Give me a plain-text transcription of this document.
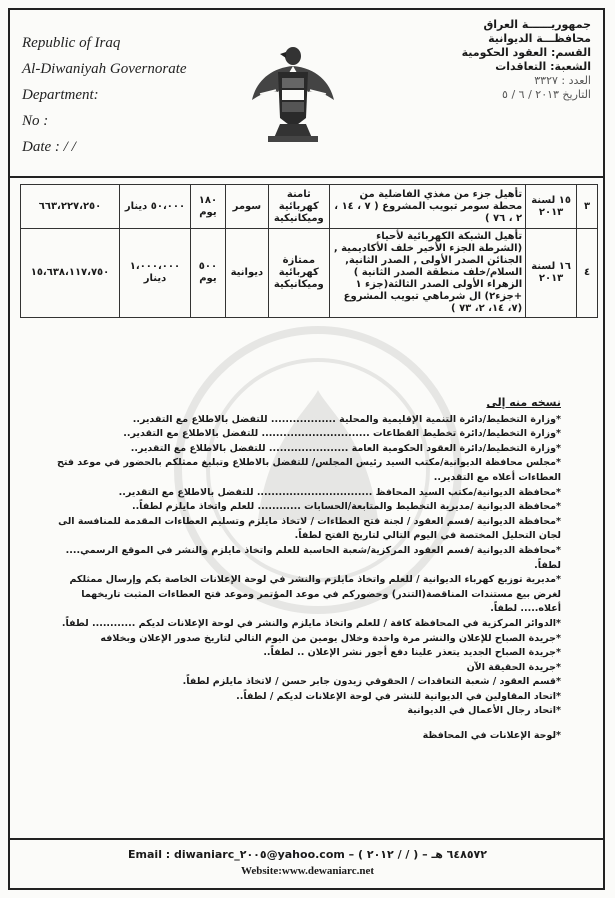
Republic of Iraq
Al-Diwaniyah Governorate
Department:
No :
Date : / /
جمهوريــــــة العراق
محافظـــة الديوانية
القسم: العقود الحكومية
الشعبة: التعاقدات
العدد : ٣٣٢٧
التاريخ ٢٠١٣ / ٦ / ٥
٣	١٥ لسنة ٢٠١٣	تأهيل جزء من مغذي الفاضلية من محطة سومر تبويب المشروع ( ٧ ، ١٤ ، ٢ ، ٧٦ )	ثامنة كهربائية وميكانيكية	سومر	١٨٠ يوم	٥٠،٠٠٠ دينار	٦٦٣،٢٢٧،٢٥٠
٤	١٦ لسنة ٢٠١٣	تأهيل الشبكة الكهربائية لأحياء (الشرطة الجزء الأخير خلف الأكاديمية , الجنائن الصدر الأولى , الصدر الثانية, السلام/خلف منطقة الصدر الثانية ) الزهراء الأولى الصدر الثالثة(جزء ١ +جزء٢) ال شرماهي تبويب المشروع (٧، ١٤، ٢، ٧٣ )	ممتازة كهربائية وميكانيكية	ديوانية	٥٠٠ يوم	١،٠٠٠،٠٠٠ دينار	١٥،٦٣٨،١١٧،٧٥٠
نسخه منه إلى
*وزارة التخطيط/دائرة التنمية الإقليمية والمحلية .................. للتفضل بالاطلاع مع التقدير..
*وزارة التخطيط/دائرة تخطيط القطاعات .............................. للتفضل بالاطلاع مع التقدير..
*وزارة التخطيط/دائرة العقود الحكومية العامة ...................... للتفضل بالاطلاع مع التقدير..
*مجلس محافظة الديوانية/مكتب السيد رئيس المجلس/ للتفضل بالاطلاع وتبليغ ممثلكم بالحضور في موعد فتح العطاءات أعلاه مع التقدير..
*محافظة الديوانية/مكتب السيد المحافظ ................................ للتفضل بالاطلاع مع التقدير..
*محافظة الديوانية /مديرية التخطيط والمتابعة/الحسابات ............ للعلم واتخاذ مايلزم لطفاً..
*محافظة الديوانية /قسم العقود / لجنة فتح العطاءات / لاتخاذ مايلزم وتسليم العطاءات المقدمة للمنافسة الى لجان التحليل المختصة في اليوم التالي لتاريخ الفتح لطفاً.
*محافظة الديوانية /قسم العقود المركزية/شعبة الحاسبة للعلم واتخاذ مايلزم والنشر في الموقع الرسمي.... لطفاً.
*مديرية توزيع كهرباء الديوانية / للعلم واتخاذ مايلزم والنشر في لوحة الإعلانات الخاصة بكم وإرسال ممثلكم لغرض بيع مستندات المناقصة(التندر) وحضوركم في موعد المؤتمر وموعد فتح العطاءات المثبت تاريخهما أعلاه..... لطفاً.
*الدوائر المركزية في المحافظة كافة / للعلم واتخاذ مايلزم والنشر في لوحة الإعلانات لديكم ............ لطفاً.
*جريدة الصباح للإعلان والنشر مرة واحدة وخلال يومين من اليوم التالي لتاريخ صدور الإعلان وبخلافه
*جريدة الصباح الجديد يتعذر علينا دفع أجور نشر الإعلان .. لطفاً..
*جريدة الحقيقة الآن
*قسم العقود / شعبة التعاقدات / الحقوقي زيدون جابر حسن / لاتخاذ مايلزم لطفاً.
*اتحاد المقاولين في الديوانية للنشر في لوحة الإعلانات لديكم / لطفاً..
*اتحاد رجال الأعمال في الديوانية
*لوحة الإعلانات في المحافظة
Email : diwaniarc_٢٠٠٥@yahoo.com – ( ٢٠١٢ / / ) – ٦٤٨٥٧٢ هـ
Website:www.dewaniarc.net
